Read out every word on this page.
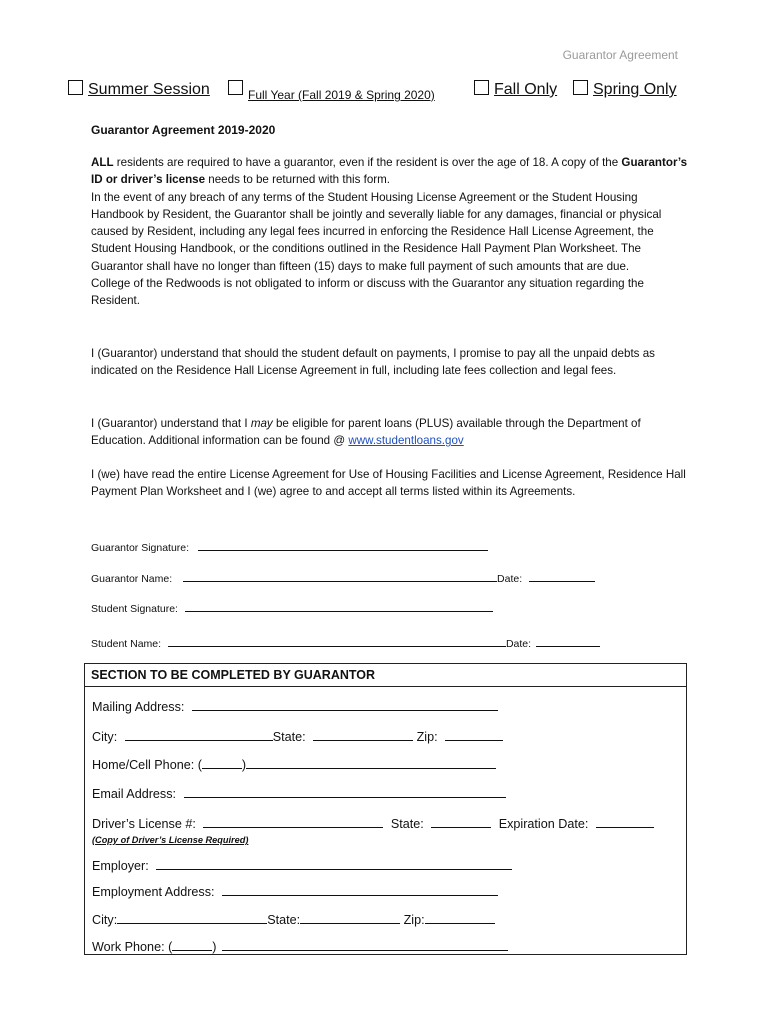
Guarantor Agreement
Summer Session	Full Year (Fall 2019 & Spring 2020)	Fall Only Spring Only
Guarantor Agreement 2019-2020

ALL residents are required to have a guarantor, even if the resident is over the age of 18. A copy of the Guarantor’s ID or driver’s license needs to be returned with this form.

In the event of any breach of any terms of the Student Housing License Agreement or the Student Housing Handbook by Resident, the Guarantor shall be jointly and severally liable for any damages, financial or physical caused by Resident, including any legal fees incurred in enforcing the Residence Hall License Agreement, the Student Housing Handbook, or the conditions outlined in the Residence Hall Payment Plan Worksheet. The Guarantor shall have no longer than fifteen (15) days to make full payment of such amounts that are due.

College of the Redwoods is not obligated to inform or discuss with the Guarantor any situation regarding the Resident.

I (Guarantor) understand that should the student default on payments, I promise to pay all the unpaid debts as indicated on the Residence Hall License Agreement in full, including late fees collection and legal fees.
I (Guarantor) understand that I may be eligible for parent loans (PLUS) available through the Department of Education. Additional information can be found @ www.studentloans.gov
I (we) have read the entire License Agreement for Use of Housing Facilities and License Agreement, Residence Hall Payment Plan Worksheet and I (we) agree to and accept all terms listed within its Agreements.
Guarantor Signature:
Guarantor Name:	Date:
Student Signature:
Student Name:	Date:
SECTION TO BE COMPLETED BY GUARANTOR
Mailing Address:
City:	State:	Zip:
Home/Cell Phone: (	)
Email Address:
Driver’s License #:	State:	Expiration Date:
(Copy of Driver’s License Required)
Employer:
Employment Address:
City:	State:	Zip:
Work Phone: (	)
